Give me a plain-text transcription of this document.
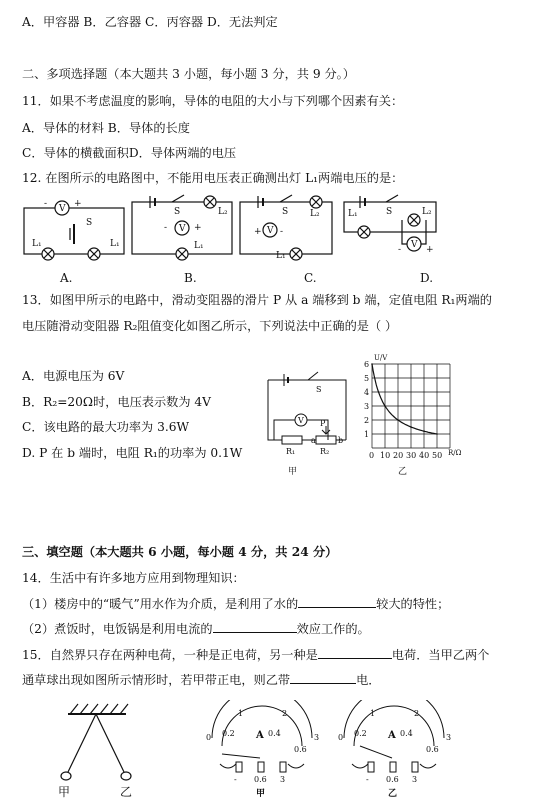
A．甲容器 B．乙容器 C．丙容器 D．无法判定
二、多项选择题（本大题共 3 小题，每小题 3 分，共 9 分。）
11．如果不考虑温度的影响，导体的电阻的大小与下列哪个因素有关：
A．导体的材料 B．导体的长度
C．导体的横截面积D．导体两端的电压
12. 在图所示的电路图中，不能用电压表正确测出灯 L₁两端电压的是：
V
-	+
S
L₁	L₁
S	L₂
V
-	+
L₁
S L₂
V
+ -
L₁
L₁	S	L₂
V
-	+
A.	B.	C.	D.
13．如图甲所示的电路中，滑动变阻器的滑片 P 从 a 端移到 b 端，定值电阻 R₁两端的
电压随滑动变阻器 R₂阻值变化如图乙所示，下列说法中正确的是（ ）
A．电源电压为 6V
B．R₂=20Ω时，电压表示数为 4V
C．该电路的最大功率为 3.6W
D. P 在 b 端时，电阻 R₁的功率为 0.1W
S
V P
a	b
R₁	R₂
甲
6
5
4
3
2
1
0 10 20 30 40 50
U/V
R/Ω
乙
三、填空题（本大题共 6 小题，每小题 4 分，共 24 分）
14．生活中有许多地方应用到物理知识：
（1）楼房中的“暖气”用水作为介质，是利用了水的	较大的特性；
（2）煮饭时，电饭锅是利用电流的	效应工作的。
15．自然界只存在两种电荷，一种是正电荷，另一种是	电荷．当甲乙两个
通草球出现如图所示情形时，若甲带正电，则乙带	电．
甲	乙
0
1	2
3
0.2	0.4
0.6
A
- 0.6 3
甲
0
1	2
3
0.2	0.4
0.6
A
- 0.6 3
乙
